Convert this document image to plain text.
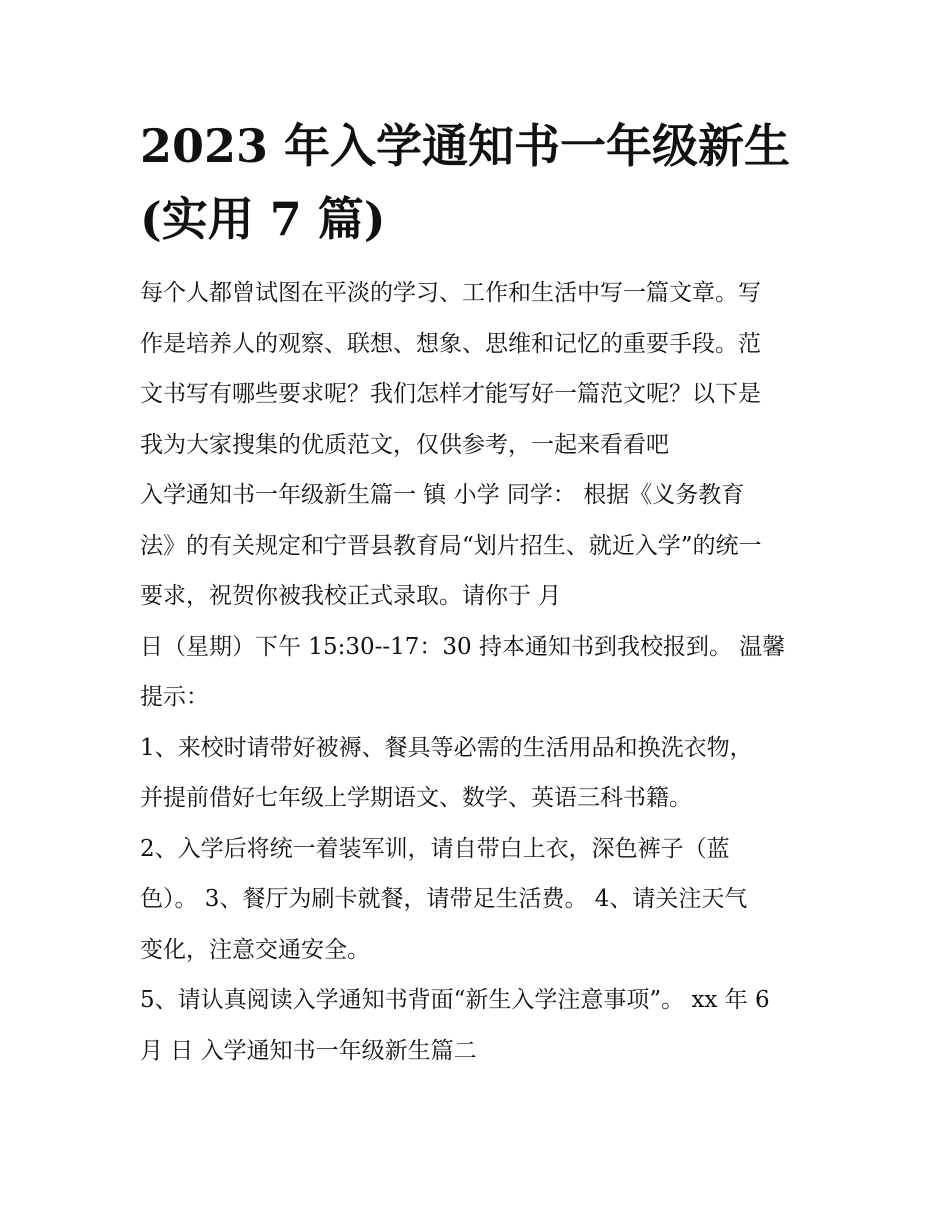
2023 年入学通知书一年级新生
(实用 7 篇)

每个人都曾试图在平淡的学习、工作和生活中写一篇文章。写
作是培养人的观察、联想、想象、思维和记忆的重要手段。范
文书写有哪些要求呢？我们怎样才能写好一篇范文呢？以下是
我为大家搜集的优质范文，仅供参考，一起来看看吧

入学通知书一年级新生篇一 镇 小学 同学： 根据《义务教育
法》的有关规定和宁晋县教育局“划片招生、就近入学”的统一
要求，祝贺你被我校正式录取。请你于 月
日（星期）下午 15:30--17：30 持本通知书到我校报到。 温馨
提示：
1、来校时请带好被褥、餐具等必需的生活用品和换洗衣物，
并提前借好七年级上学期语文、数学、英语三科书籍。
2、入学后将统一着装军训，请自带白上衣，深色裤子（蓝
色）。 3、餐厅为刷卡就餐，请带足生活费。 4、请关注天气
变化，注意交通安全。
5、请认真阅读入学通知书背面“新生入学注意事项”。 xx 年 6
月 日 入学通知书一年级新生篇二
